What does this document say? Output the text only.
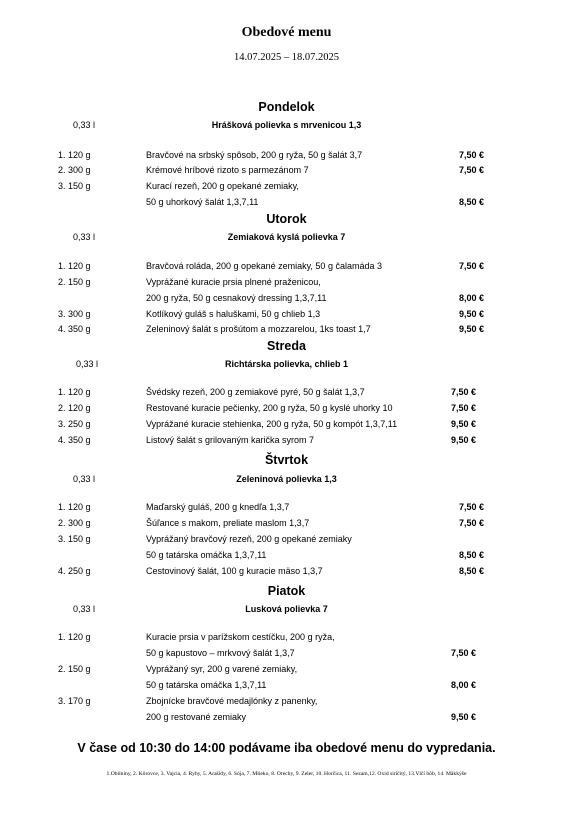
Obedové menu
14.07.2025 – 18.07.2025
Pondelok
0,33 l	Hrášková polievka s mrvenicou 1,3
1. 120 g	Bravčové na srbský spôsob, 200 g ryža, 50 g šalát 3,7	7,50 €
2. 300 g	Krémové hríbové rizoto s parmezánom 7	7,50 €
3. 150 g	Kurací rezeň, 200 g opekané zemiaky,
50 g uhorkový šalát 1,3,7,11	8,50 €
Utorok
0,33 l	Zemiaková kyslá polievka 7
1. 120 g	Bravčová roláda, 200 g opekané zemiaky, 50 g čalamáda 3	7,50 €
2. 150 g	Vyprážané kuracie prsia plnené praženicou,
200 g ryža, 50 g cesnakový dressing 1,3,7,11	8,00 €
3. 300 g	Kotlíkový guláš s haluškami, 50 g chlieb 1,3	9,50 €
4. 350 g	Zeleninový šalát s prošútom a mozzarelou, 1ks toast 1,7	9,50 €
Streda
0,33 l	Richtárska polievka, chlieb 1
1. 120 g	Švédsky rezeň, 200 g zemiakové pyré, 50 g šalát 1,3,7	7,50 €
2. 120 g	Restované kuracie pečienky, 200 g ryža, 50 g kyslé uhorky 10	7,50 €
3. 250 g	Vyprážané kuracie stehienka, 200 g ryža, 50 g kompót 1,3,7,11	9,50 €
4. 350 g	Listový šalát s grilovaným karička syrom 7	9,50 €
Štvrtok
0,33 l	Zeleninová polievka 1,3
1. 120 g	Maďarský guláš, 200 g knedľa 1,3,7	7,50 €
2. 300 g	Šúľance s makom, preliate maslom 1,3,7	7,50 €
3. 150 g	Vyprážaný bravčový rezeň, 200 g opekané zemiaky
50 g tatárska omáčka 1,3,7,11	8,50 €
4. 250 g	Cestovinový šalát, 100 g kuracie mäso 1,3,7	8,50 €
Piatok
0,33 l	Lusková polievka 7
1. 120 g	Kuracie prsia v parížskom cestíčku, 200 g ryža,
50 g kapustovo – mrkvový šalát 1,3,7	7,50 €
2. 150 g	Vyprážaný syr, 200 g varené zemiaky,
50 g tatárska omáčka 1,3,7,11	8,00 €
3. 170 g	Zbojnícke bravčové medajlónky z panenky,
200 g restované zemiaky	9,50 €
V čase od 10:30 do 14:00 podávame iba obedové menu do vypredania.
1.Obilniny, 2. Kôrovce, 3. Vajcia, 4. Ryby, 5. Arašidy, 6. Sója, 7. Mlieko, 8. Orechy, 9. Zeler, 10. Horčica, 11. Sezam,12. Oxid siričitý, 13.Vlčí bôb, 14. Mäkkýše
